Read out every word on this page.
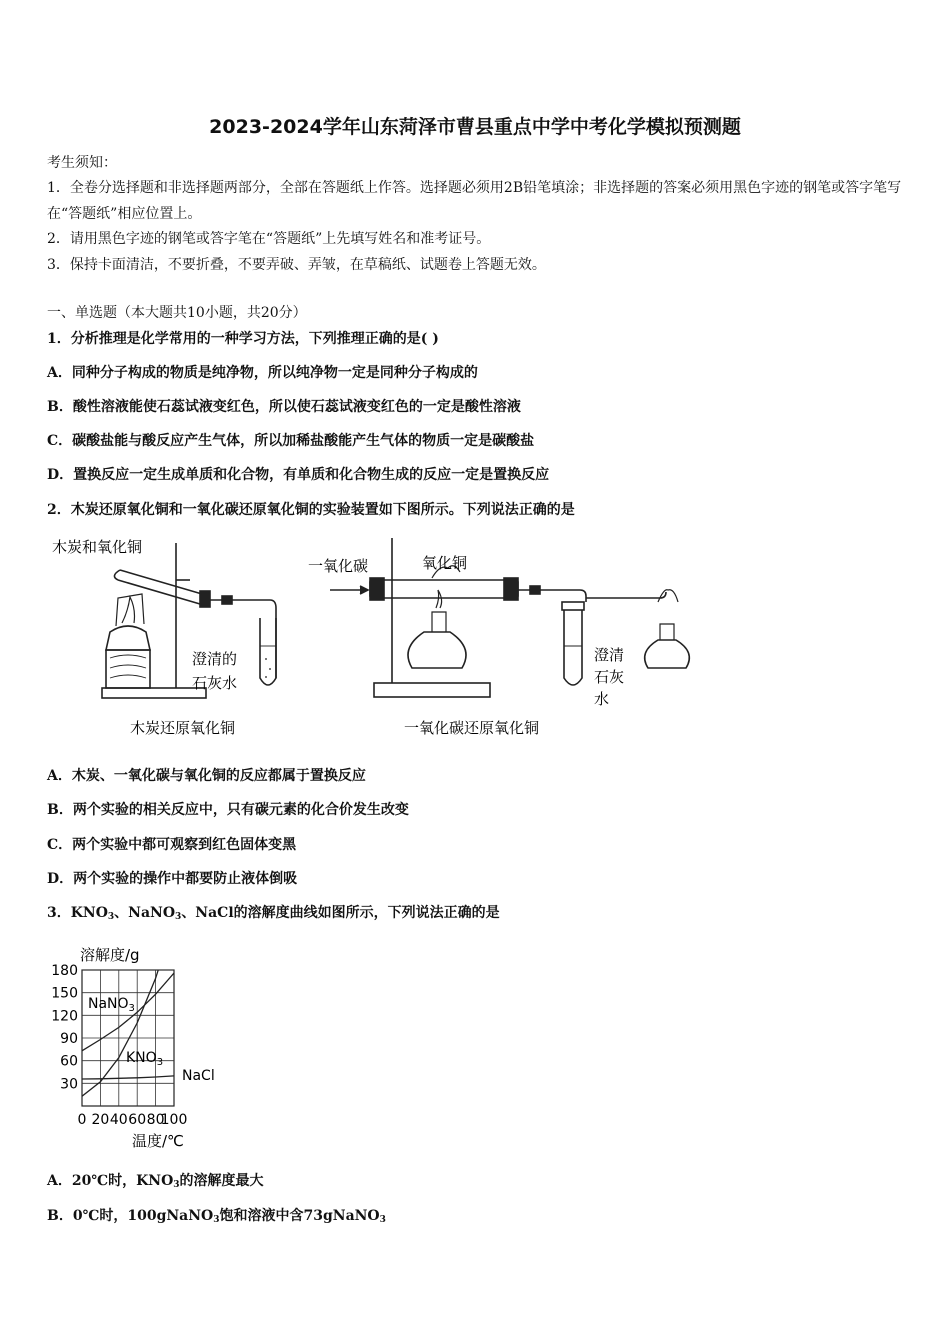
2023-2024学年山东菏泽市曹县重点中学中考化学模拟预测题
考生须知：
1．全卷分选择题和非选择题两部分，全部在答题纸上作答。选择题必须用2B铅笔填涂；非选择题的答案必须用黑色字迹的钢笔或答字笔写在“答题纸”相应位置上。
2．请用黑色字迹的钢笔或答字笔在“答题纸”上先填写姓名和准考证号。
3．保持卡面清洁，不要折叠，不要弄破、弄皱，在草稿纸、试题卷上答题无效。
一、单选题（本大题共10小题，共20分）
1．分析推理是化学常用的一种学习方法，下列推理正确的是( )
A．同种分子构成的物质是纯净物，所以纯净物一定是同种分子构成的
B．酸性溶液能使石蕊试液变红色，所以使石蕊试液变红色的一定是酸性溶液
C．碳酸盐能与酸反应产生气体，所以加稀盐酸能产生气体的物质一定是碳酸盐
D．置换反应一定生成单质和化合物，有单质和化合物生成的反应一定是置换反应
2．木炭还原氧化铜和一氧化碳还原氧化铜的实验装置如下图所示。下列说法正确的是
木炭和氧化铜
澄清的
石灰水
木炭还原氧化铜
一氧化碳	氧化铜
澄清
石灰
水
一氧化碳还原氧化铜
A．木炭、一氧化碳与氧化铜的反应都属于置换反应
B．两个实验的相关反应中，只有碳元素的化合价发生改变
C．两个实验中都可观察到红色固体变黑
D．两个实验的操作中都要防止液体倒吸
3．$KNO_3$、NaNO$_3$、NaCl的溶解度曲线如图所示，下列说法正确的是
溶解度/g
温度/℃
180
150
120
90
60
30
0 20 40 60 80
100
NaNO$_3$
$KNO_3$
NaCl
A．20℃时，$KNO_3$的溶解度最大
B．0℃时，100gNaNO$_3$饱和溶液中含73gNaNO$_3$
